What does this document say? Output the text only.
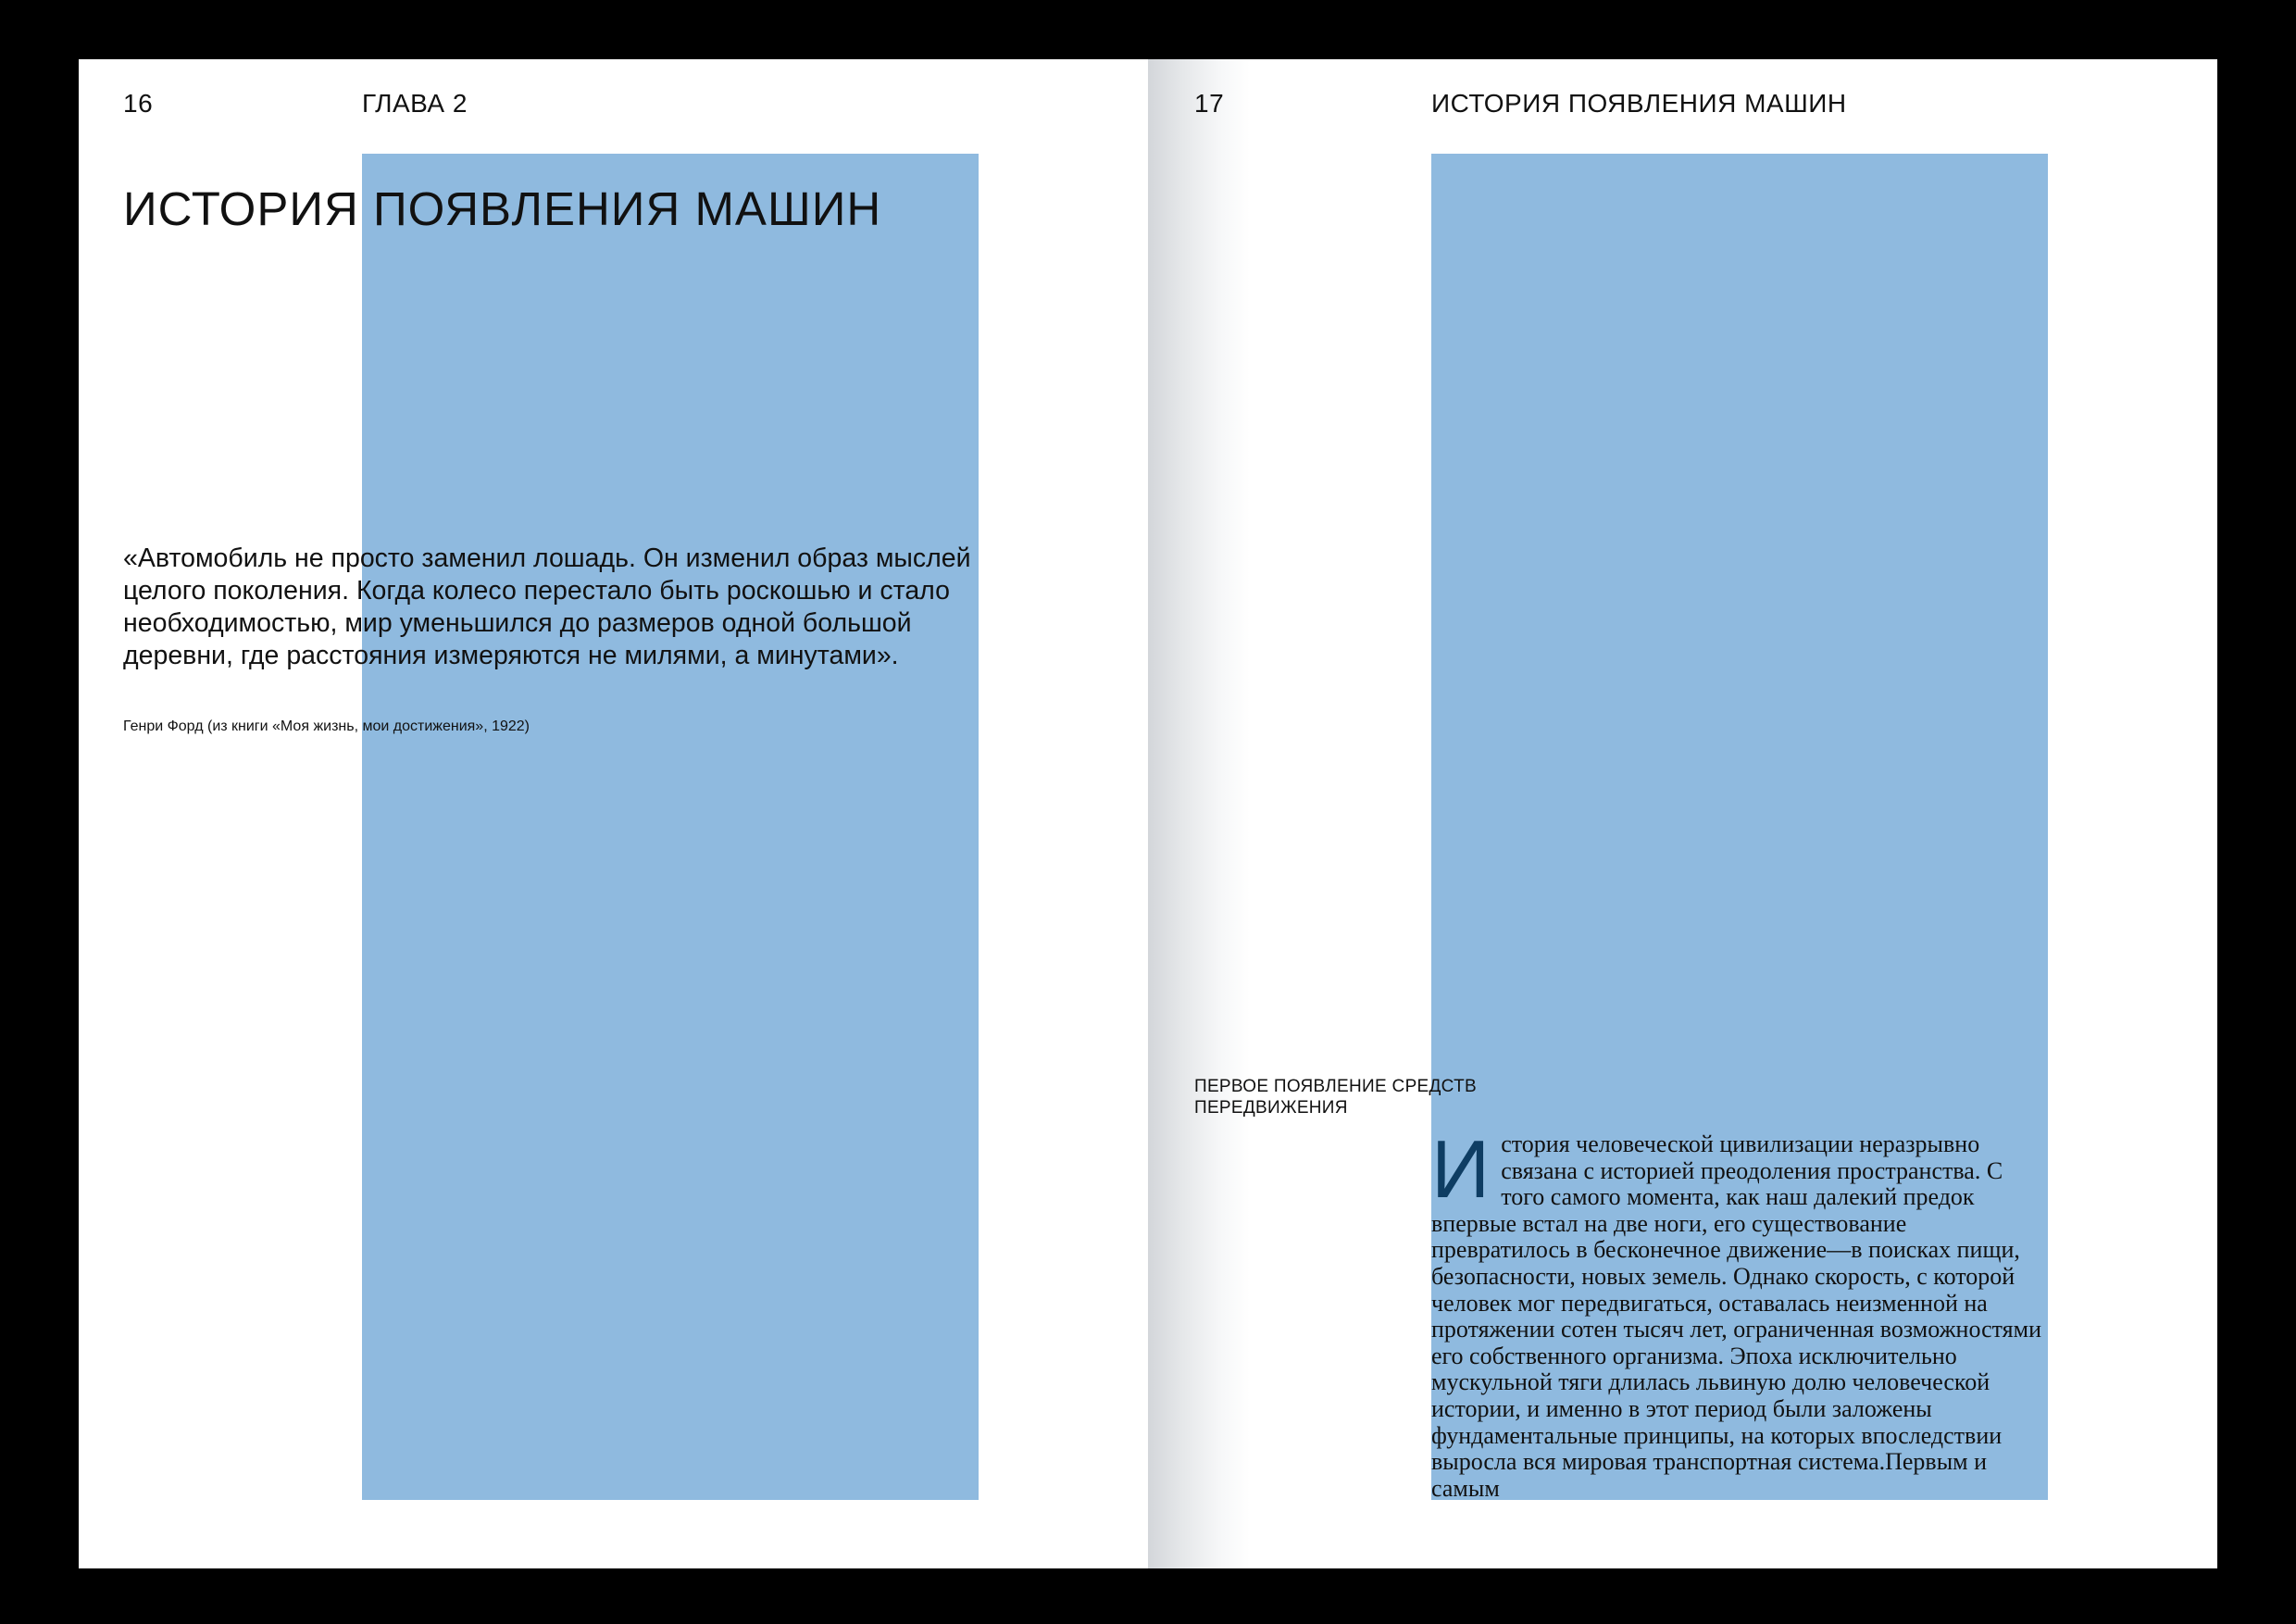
16	ГЛАВА 2
ИСТОРИЯ ПОЯВЛЕНИЯ МАШИН

«Автомобиль не просто заменил лошадь. Он изменил образ мыслей целого поколения. Когда колесо перестало быть роскошью и стало необходимостью, мир уменьшился до размеров одной большой деревни, где расстояния измеряются не милями, а минутами».

Генри Форд (из книги «Моя жизнь, мои достижения», 1922)
17	ИСТОРИЯ ПОЯВЛЕНИЯ МАШИН
ПЕРВОЕ ПОЯВЛЕНИЕ СРЕДСТВ ПЕРЕДВИЖЕНИЯ
История человеческой цивилизации неразрывно связана с историей преодоления пространства. С того самого момента, как наш далекий предок впервые встал на две ноги, его существование превратилось в бесконечное движение—в поисках пищи, безопасности, новых земель. Однако скорость, с которой человек мог передвигаться, оставалась неизменной на протяжении сотен тысяч лет, ограниченная возможностями его собственного организма. Эпоха исключительно мускульной тяги длилась львиную долю человеческой истории, и именно в этот период были заложены фундаментальные принципы, на которых впоследствии выросла вся мировая транспортная система.Первым и самым
